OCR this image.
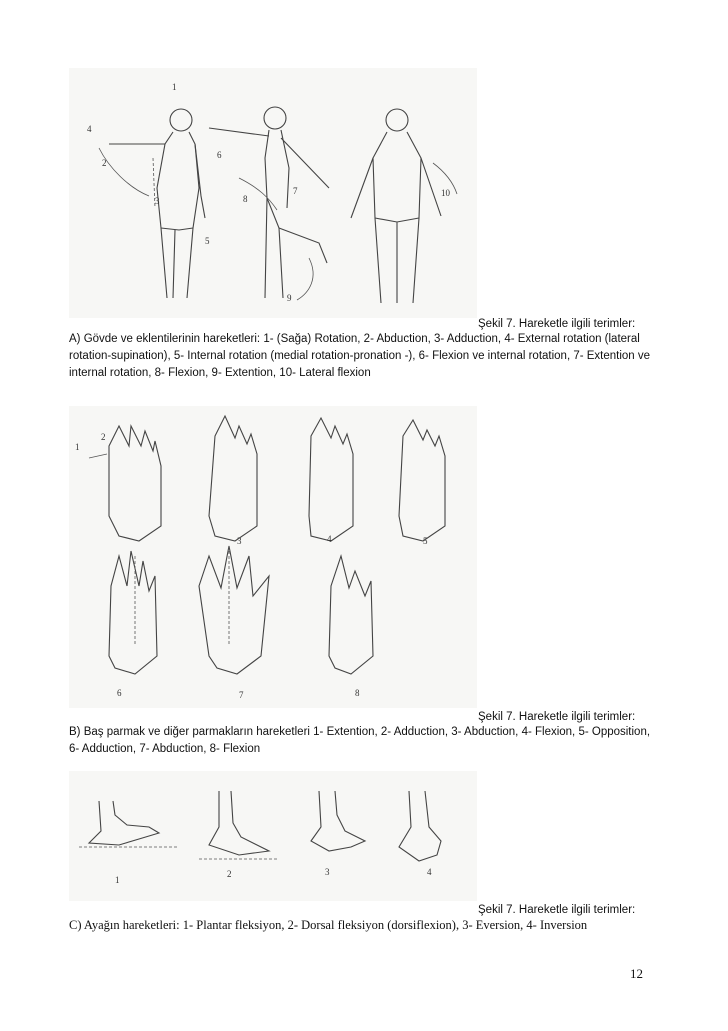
1
2
3
4
5
6
7
8
9
10
Şekil 7. Hareketle ilgili terimler:
A) Gövde ve eklentilerinin hareketleri: 1- (Sağa) Rotation, 2- Abduction, 3- Adduction, 4- External rotation (lateral rotation-supination), 5- Internal rotation (medial rotation-pronation -), 6- Flexion ve internal rotation, 7- Extention ve internal rotation, 8- Flexion, 9- Extention, 10- Lateral flexion
1
2
3	4	5
6	7	8
Şekil 7. Hareketle ilgili terimler:
B) Baş parmak ve diğer parmakların hareketleri 1- Extention, 2- Adduction, 3- Abduction, 4- Flexion, 5- Opposition, 6- Adduction, 7- Abduction, 8- Flexion
1
2	3	4
Şekil 7. Hareketle ilgili terimler:
C) Ayağın hareketleri: 1- Plantar fleksiyon, 2- Dorsal fleksiyon (dorsiflexion), 3- Eversion, 4- Inversion
12
